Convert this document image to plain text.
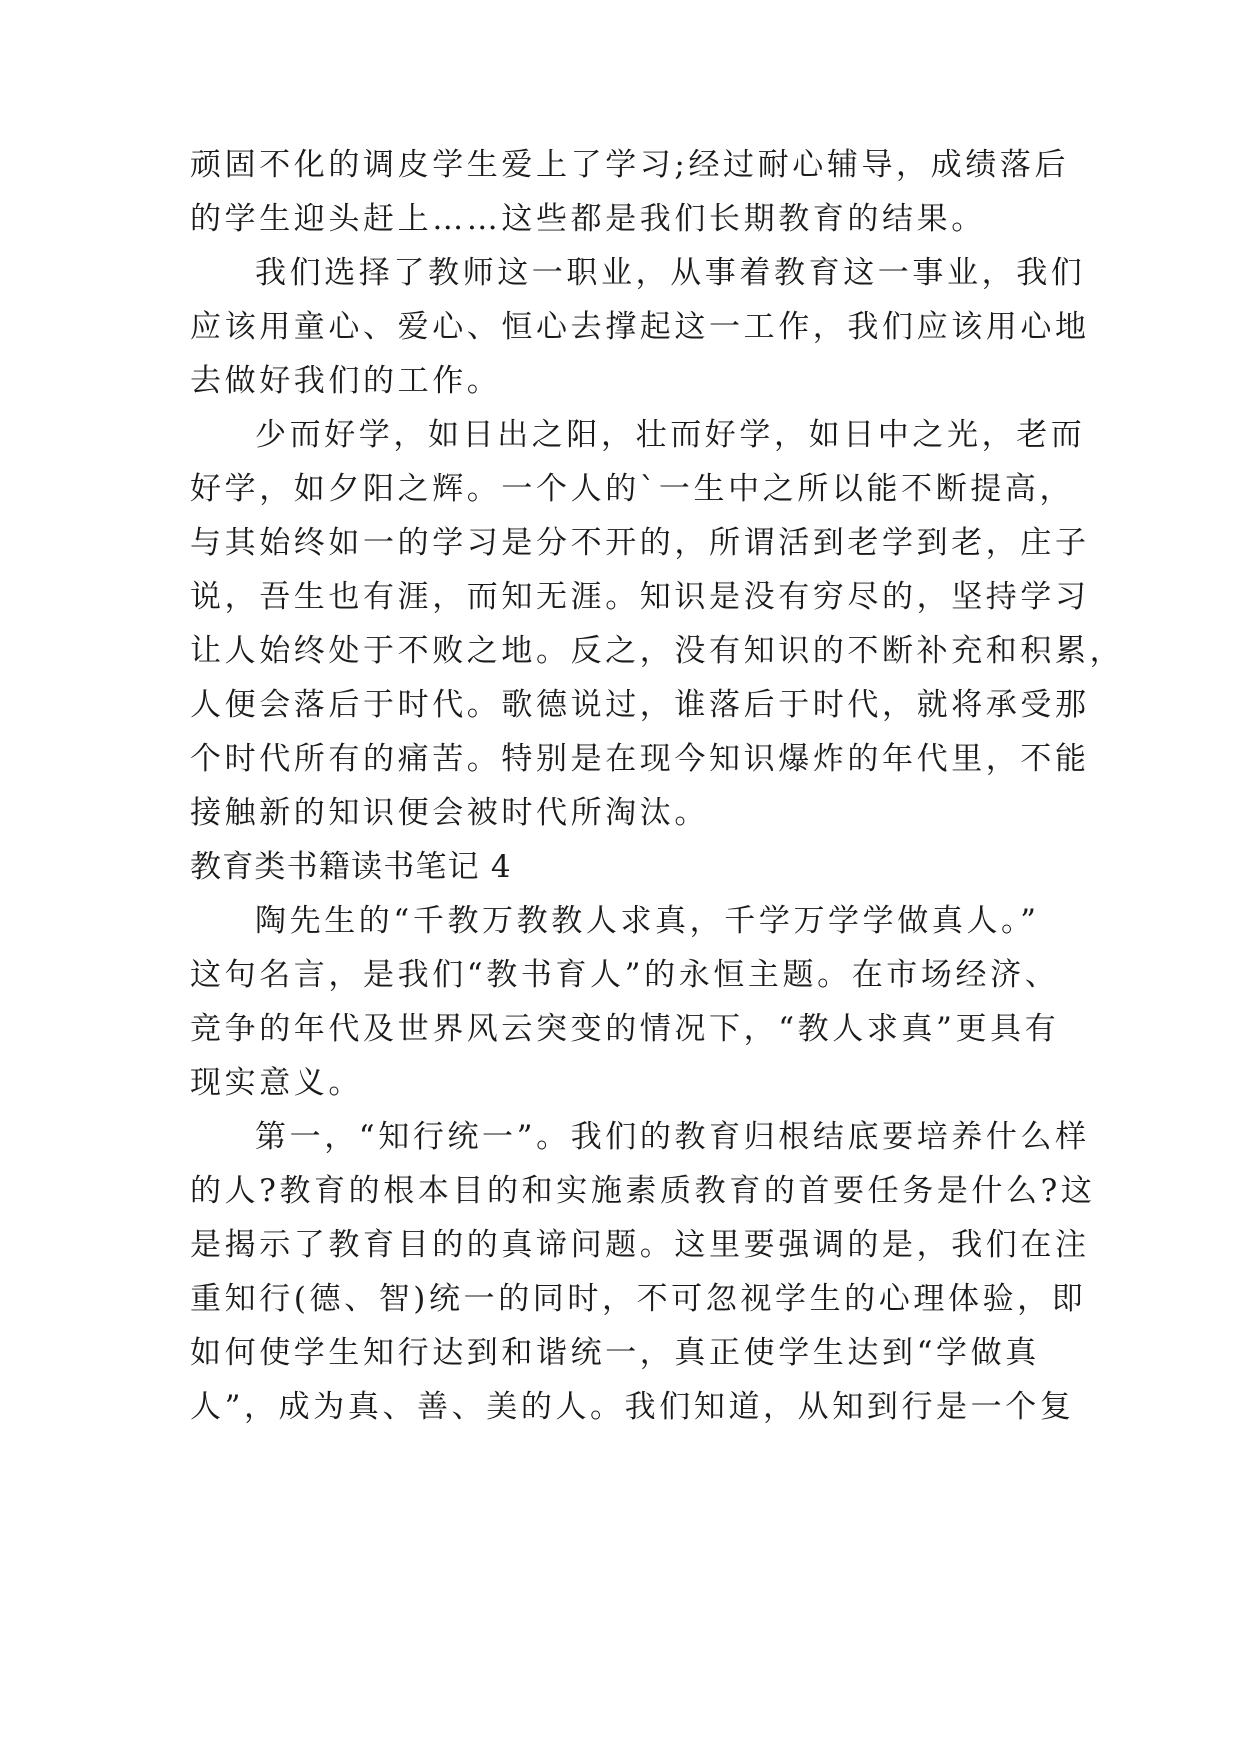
顽固不化的调皮学生爱上了学习;经过耐心辅导，成绩落后
的学生迎头赶上……这些都是我们长期教育的结果。
我们选择了教师这一职业，从事着教育这一事业，我们
应该用童心、爱心、恒心去撑起这一工作，我们应该用心地
去做好我们的工作。
少而好学，如日出之阳，壮而好学，如日中之光，老而
好学，如夕阳之辉。一个人的`一生中之所以能不断提高，
与其始终如一的学习是分不开的，所谓活到老学到老，庄子
说，吾生也有涯，而知无涯。知识是没有穷尽的，坚持学习
让人始终处于不败之地。反之，没有知识的不断补充和积累，
人便会落后于时代。歌德说过，谁落后于时代，就将承受那
个时代所有的痛苦。特别是在现今知识爆炸的年代里，不能
接触新的知识便会被时代所淘汰。
教育类书籍读书笔记 4
陶先生的“千教万教教人求真，千学万学学做真人。”
这句名言，是我们“教书育人”的永恒主题。在市场经济、
竞争的年代及世界风云突变的情况下，“教人求真”更具有
现实意义。
第一，“知行统一”。我们的教育归根结底要培养什么样
的人?教育的根本目的和实施素质教育的首要任务是什么?这
是揭示了教育目的的真谛问题。这里要强调的是，我们在注
重知行(德、智)统一的同时，不可忽视学生的心理体验，即
如何使学生知行达到和谐统一，真正使学生达到“学做真
人”，成为真、善、美的人。我们知道，从知到行是一个复
